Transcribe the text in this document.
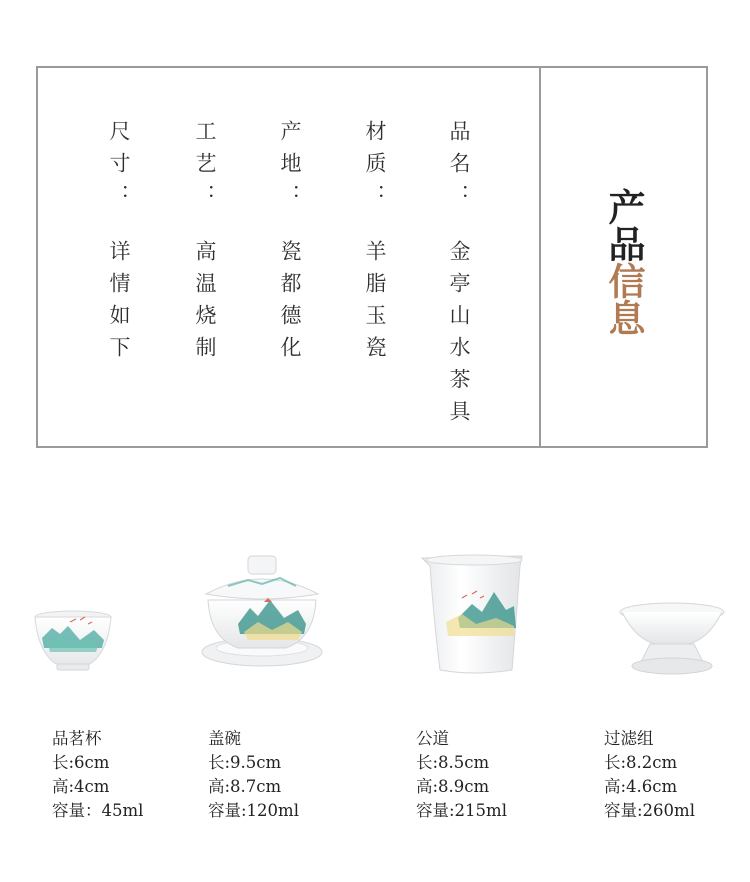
品名：
金亭山水茶具
材质：
羊脂玉瓷
产地：
瓷都德化
工艺：
高温烧制
尺寸：
详情如下
产品信息
品茗杯
长:6cm
高:4cm
容量：45ml
盖碗
长:9.5cm
高:8.7cm
容量:120ml
公道
长:8.5cm
高:8.9cm
容量:215ml
过滤组
长:8.2cm
高:4.6cm
容量:260ml
